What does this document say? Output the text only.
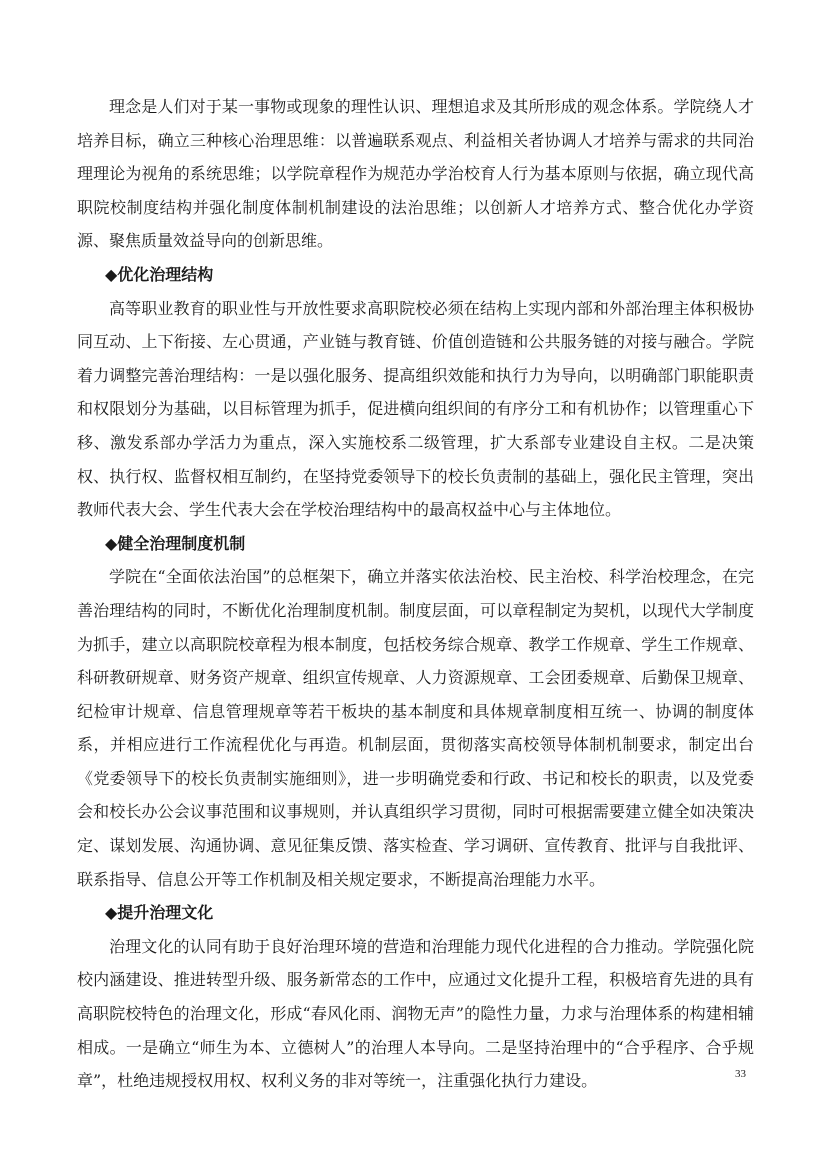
理念是人们对于某一事物或现象的理性认识、理想追求及其所形成的观念体系。学院绕人才培养目标，确立三种核心治理思维：以普遍联系观点、利益相关者协调人才培养与需求的共同治理理论为视角的系统思维；以学院章程作为规范办学治校育人行为基本原则与依据，确立现代高职院校制度结构并强化制度体制机制建设的法治思维；以创新人才培养方式、整合优化办学资源、聚焦质量效益导向的创新思维。

◆优化治理结构

高等职业教育的职业性与开放性要求高职院校必须在结构上实现内部和外部治理主体积极协同互动、上下衔接、左心贯通，产业链与教育链、价值创造链和公共服务链的对接与融合。学院着力调整完善治理结构：一是以强化服务、提高组织效能和执行力为导向，以明确部门职能职责和权限划分为基础，以目标管理为抓手，促进横向组织间的有序分工和有机协作；以管理重心下移、激发系部办学活力为重点，深入实施校系二级管理，扩大系部专业建设自主权。二是决策权、执行权、监督权相互制约，在坚持党委领导下的校长负责制的基础上，强化民主管理，突出教师代表大会、学生代表大会在学校治理结构中的最高权益中心与主体地位。

◆健全治理制度机制

学院在“全面依法治国”的总框架下，确立并落实依法治校、民主治校、科学治校理念，在完善治理结构的同时，不断优化治理制度机制。制度层面，可以章程制定为契机，以现代大学制度为抓手，建立以高职院校章程为根本制度，包括校务综合规章、教学工作规章、学生工作规章、科研教研规章、财务资产规章、组织宣传规章、人力资源规章、工会团委规章、后勤保卫规章、纪检审计规章、信息管理规章等若干板块的基本制度和具体规章制度相互统一、协调的制度体系，并相应进行工作流程优化与再造。机制层面，贯彻落实高校领导体制机制要求，制定出台《党委领导下的校长负责制实施细则》，进一步明确党委和行政、书记和校长的职责，以及党委会和校长办公会议事范围和议事规则，并认真组织学习贯彻，同时可根据需要建立健全如决策决定、谋划发展、沟通协调、意见征集反馈、落实检查、学习调研、宣传教育、批评与自我批评、联系指导、信息公开等工作机制及相关规定要求，不断提高治理能力水平。

◆提升治理文化

治理文化的认同有助于良好治理环境的营造和治理能力现代化进程的合力推动。学院强化院校内涵建设、推进转型升级、服务新常态的工作中，应通过文化提升工程，积极培育先进的具有高职院校特色的治理文化，形成“春风化雨、润物无声”的隐性力量，力求与治理体系的构建相辅相成。一是确立“师生为本、立德树人”的治理人本导向。二是坚持治理中的“合乎程序、合乎规章”，杜绝违规授权用权、权利义务的非对等统一，注重强化执行力建设。	33
